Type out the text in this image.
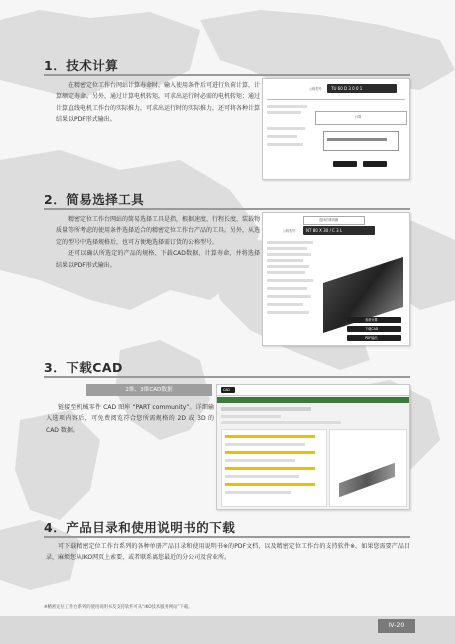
1．技术计算

在精密定位工作台网站计算寿命时，输入使用条件后可进行负荷计算，计算额定寿命。另外，通过计算电机转矩，可求出运行时必需的电机转矩；通过计算直线电机工作台的实际推力，可求出运行时的实际推力，还可将各种计算结果以PDF形式输出。

公称型号 TU 60 D 3 0 0 1
计算
2．简易选择工具

精密定位工作台网站的简易选择工具是指，根据速度、行程长度、装载物质量等所考虑的使用条件选择适合的精密定位工作台产品的工具。另外，从选定的型号中选择规格后，也可方便地选择需订货的公称型号。

还可以确认所选定的产品的规格、下载CAD数据、计算寿命，并将选择结果以PDF形式输出。

选择的事项确
公称型号	NT 80 X 30 / C 3 L
寿命计算
下载CAD
PDF输出
3．下载CAD
2维、3维CAD数据

链接至机械零件 CAD 图库 “PART community”。详细输入选项内容后，可免费阅览符合您所需规格的 2D 或 3D 的 CAD 数据。

CAD
4．产品目录和使用说明书的下载

可下载精密定位工作台系列的各种单册产品目录和使用说明书※的PDF文档，以及精密定位工作台的支持软件※。如果您需要产品目录，麻烦您从IKO网页上索要，或者联系离您最近的分公司及营业所。

※精密定位工作台系列的使用说明书及支持软件可从“IKO技术服务网站”下载。
Ⅳ-20
